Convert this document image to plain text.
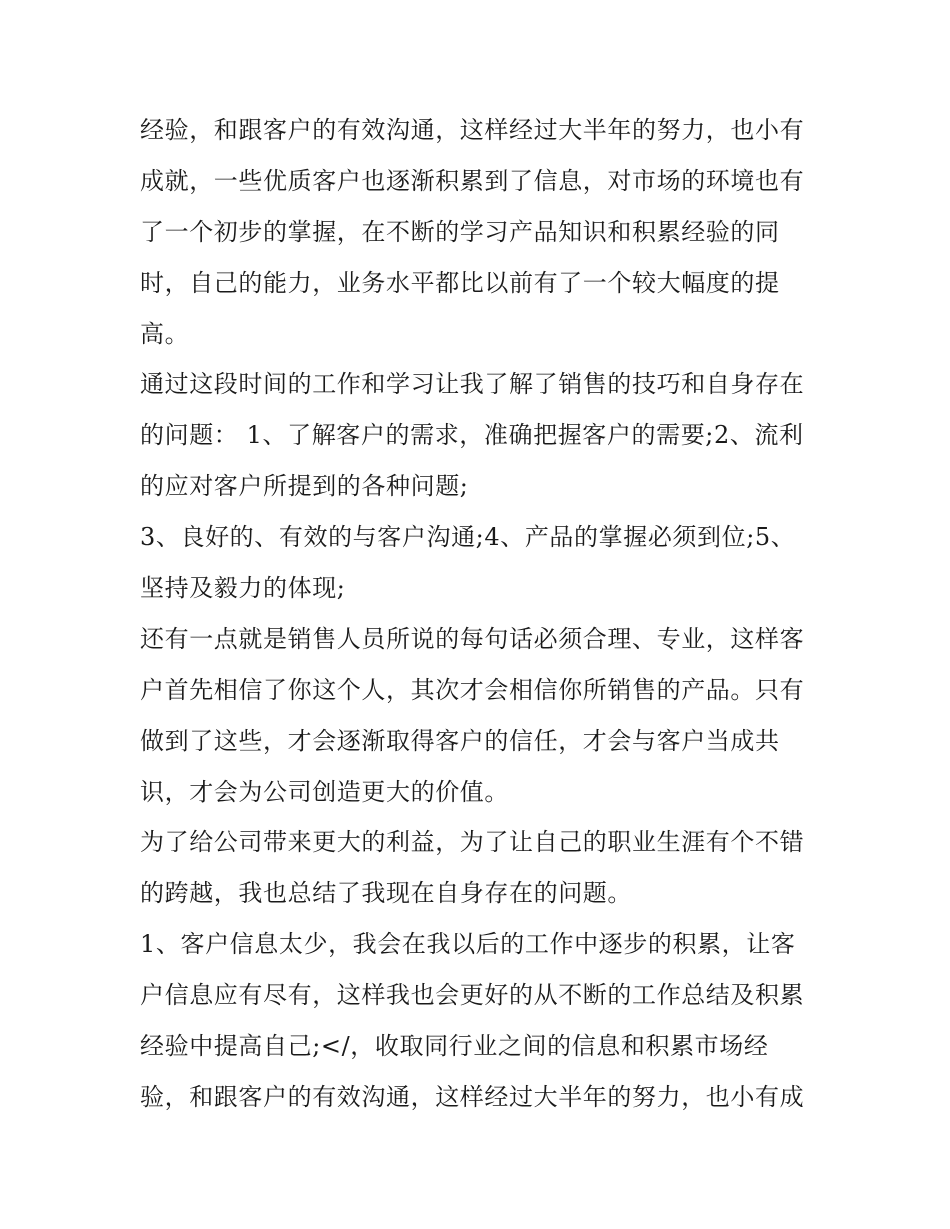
经验，和跟客户的有效沟通，这样经过大半年的努力，也小有
成就，一些优质客户也逐渐积累到了信息，对市场的环境也有
了一个初步的掌握，在不断的学习产品知识和积累经验的同
时，自己的能力，业务水平都比以前有了一个较大幅度的提
高。
通过这段时间的工作和学习让我了解了销售的技巧和自身存在
的问题： 1、了解客户的需求，准确把握客户的需要;2、流利
的应对客户所提到的各种问题;
3、良好的、有效的与客户沟通;4、产品的掌握必须到位;5、
坚持及毅力的体现;
还有一点就是销售人员所说的每句话必须合理、专业，这样客
户首先相信了你这个人，其次才会相信你所销售的产品。只有
做到了这些，才会逐渐取得客户的信任，才会与客户当成共
识，才会为公司创造更大的价值。
为了给公司带来更大的利益，为了让自己的职业生涯有个不错
的跨越，我也总结了我现在自身存在的问题。
1、客户信息太少，我会在我以后的工作中逐步的积累，让客
户信息应有尽有，这样我也会更好的从不断的工作总结及积累
经验中提高自己;</，收取同行业之间的信息和积累市场经
验，和跟客户的有效沟通，这样经过大半年的努力，也小有成
